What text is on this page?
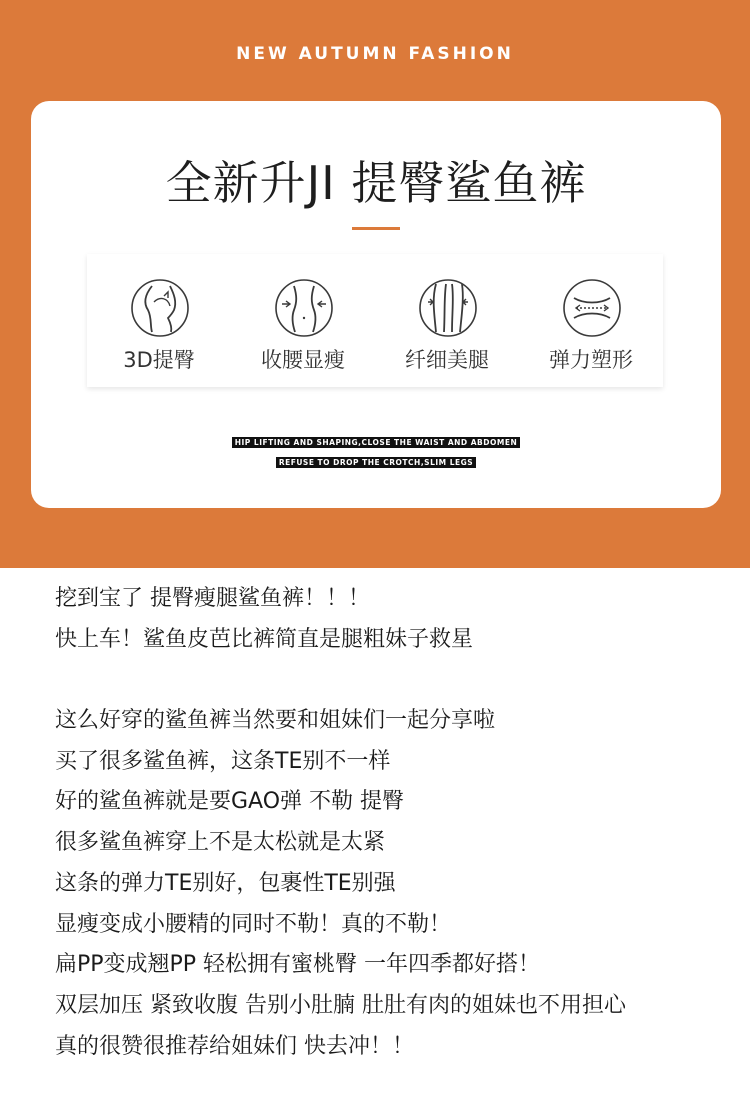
NEW AUTUMN FASHION
全新升JI 提臀鲨鱼裤
3D提臀	收腰显瘦	纤细美腿	弹力塑形
HIP LIFTING AND SHAPING,CLOSE THE WAIST AND ABDOMEN
REFUSE TO DROP THE CROTCH,SLIM LEGS
挖到宝了 提臀瘦腿鲨鱼裤！！！
快上车！鲨鱼皮芭比裤简直是腿粗妹子救星
这么好穿的鲨鱼裤当然要和姐妹们一起分享啦
买了很多鲨鱼裤，这条TE别不一样
好的鲨鱼裤就是要GAO弹 不勒 提臀
很多鲨鱼裤穿上不是太松就是太紧
这条的弹力TE别好，包裹性TE别强
显瘦变成小腰精的同时不勒！真的不勒！
扁PP变成翘PP 轻松拥有蜜桃臀 一年四季都好搭！
双层加压 紧致收腹 告别小肚腩 肚肚有肉的姐妹也不用担心
真的很赞很推荐给姐妹们 快去冲！！
